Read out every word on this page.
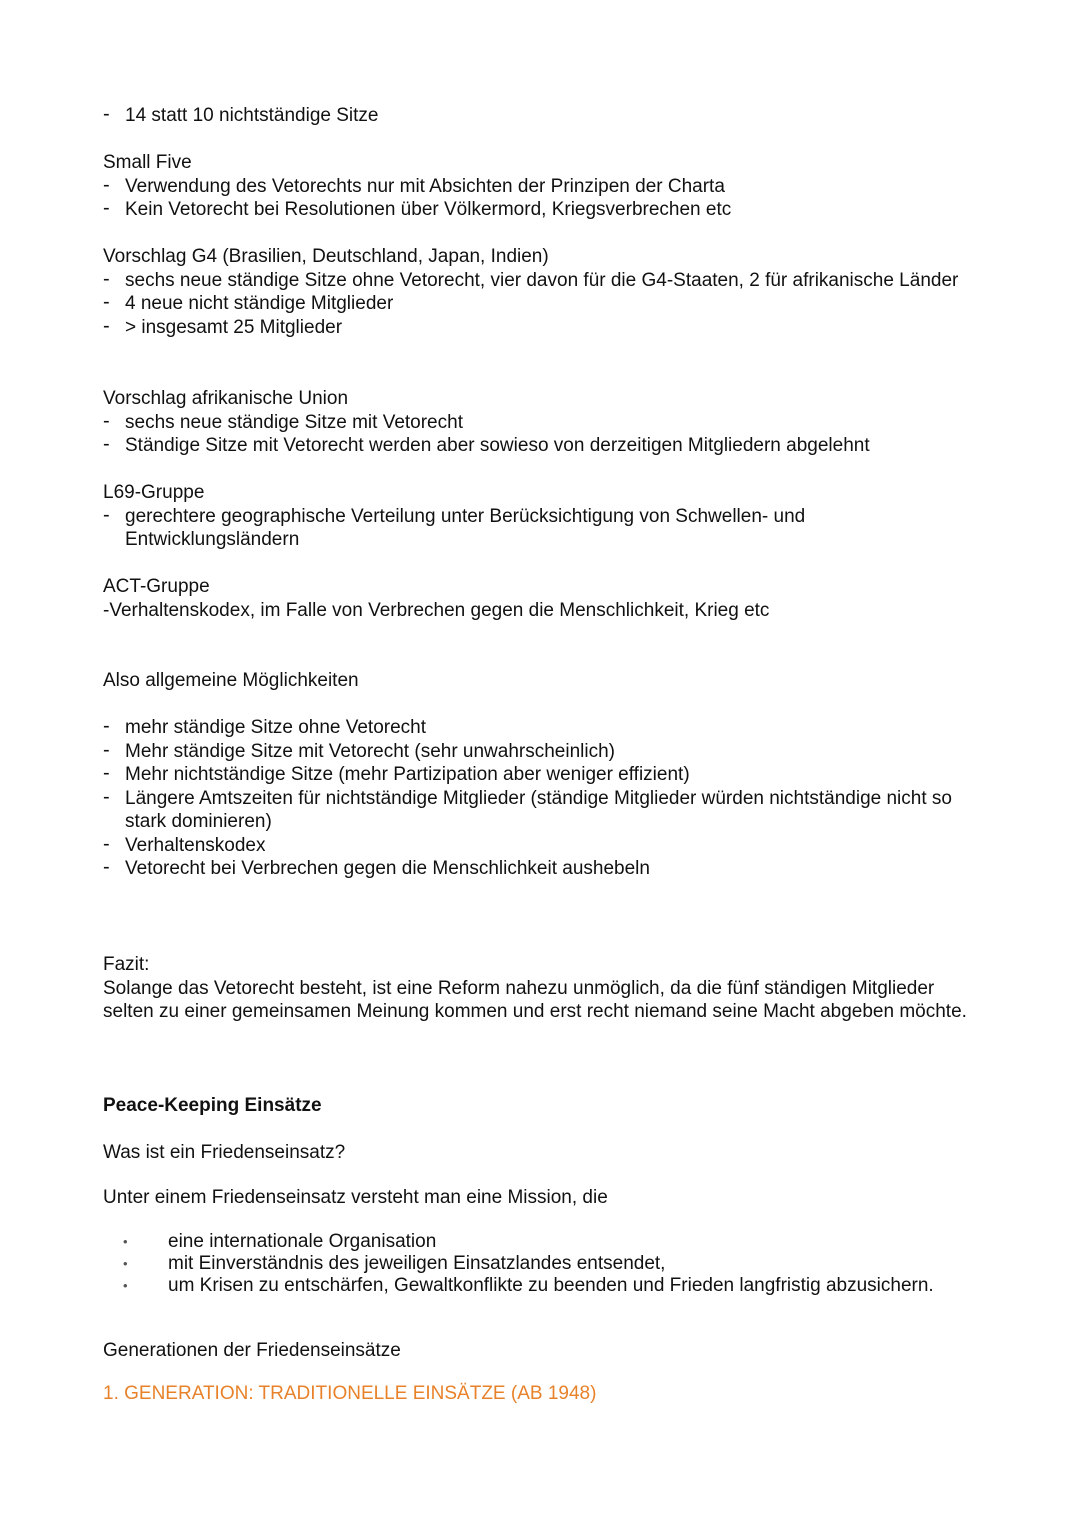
- 14 statt 10 nichtständige Sitze

Small Five

- Verwendung des Vetorechts nur mit Absichten der Prinzipen der Charta
- Kein Vetorecht bei Resolutionen über Völkermord, Kriegsverbrechen etc

Vorschlag G4 (Brasilien, Deutschland, Japan, Indien)

- sechs neue ständige Sitze ohne Vetorecht, vier davon für die G4-Staaten, 2 für afrikanische Länder
- 4 neue nicht ständige Mitglieder
- > insgesamt 25 Mitglieder

Vorschlag afrikanische Union

- sechs neue ständige Sitze mit Vetorecht
- Ständige Sitze mit Vetorecht werden aber sowieso von derzeitigen Mitgliedern abgelehnt

L69-Gruppe

- gerechtere geographische Verteilung unter Berücksichtigung von Schwellen- und Entwicklungsländern

ACT-Gruppe

-Verhaltenskodex, im Falle von Verbrechen gegen die Menschlichkeit, Krieg etc

Also allgemeine Möglichkeiten

- mehr ständige Sitze ohne Vetorecht
- Mehr ständige Sitze mit Vetorecht (sehr unwahrscheinlich)
- Mehr nichtständige Sitze (mehr Partizipation aber weniger effizient)
- Längere Amtszeiten für nichtständige Mitglieder (ständige Mitglieder würden nichtständige nicht so stark dominieren)
- Verhaltenskodex
- Vetorecht bei Verbrechen gegen die Menschlichkeit aushebeln

Fazit:

Solange das Vetorecht besteht, ist eine Reform nahezu unmöglich, da die fünf ständigen Mitglieder selten zu einer gemeinsamen Meinung kommen und erst recht niemand seine Macht abgeben möchte.

Peace-Keeping Einsätze

Was ist ein Friedenseinsatz?

Unter einem Friedenseinsatz versteht man eine Mission, die

• eine internationale Organisation
• mit Einverständnis des jeweiligen Einsatzlandes entsendet,
• um Krisen zu entschärfen, Gewaltkonflikte zu beenden und Frieden langfristig abzusichern.

Generationen der Friedenseinsätze

1. GENERATION: TRADITIONELLE EINSÄTZE (AB 1948)
